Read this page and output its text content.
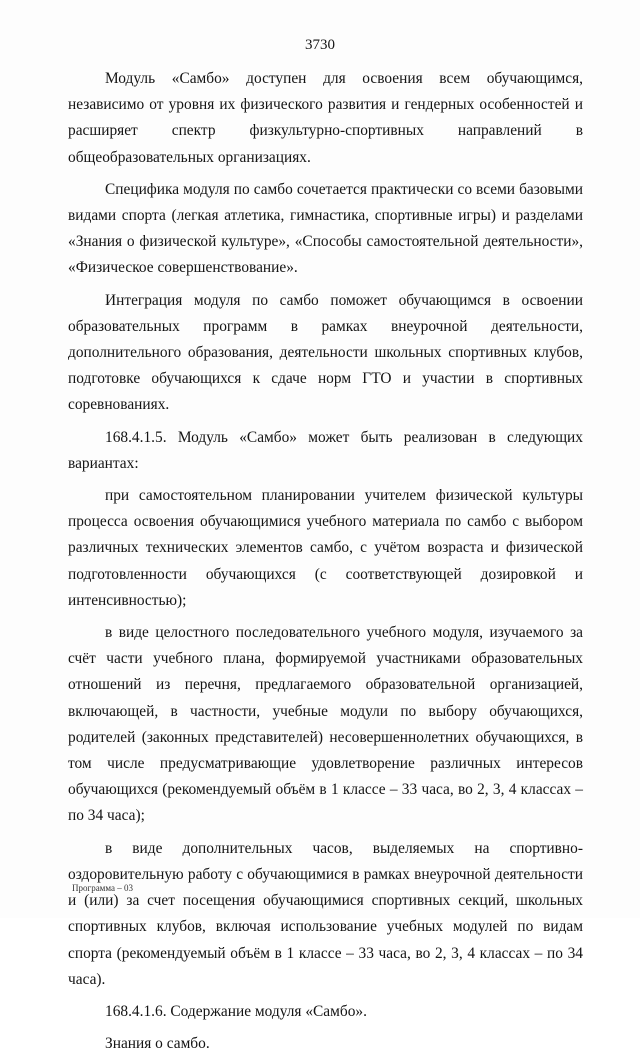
3730

Модуль «Самбо» доступен для освоения всем обучающимся, независимо от уровня их физического развития и гендерных особенностей и расширяет спектр физкультурно-спортивных направлений в общеобразовательных организациях.

Специфика модуля по самбо сочетается практически со всеми базовыми видами спорта (легкая атлетика, гимнастика, спортивные игры) и разделами «Знания о физической культуре», «Способы самостоятельной деятельности», «Физическое совершенствование».

Интеграция модуля по самбо поможет обучающимся в освоении образовательных программ в рамках внеурочной деятельности, дополнительного образования, деятельности школьных спортивных клубов, подготовке обучающихся к сдаче норм ГТО и участии в спортивных соревнованиях.

168.4.1.5. Модуль «Самбо» может быть реализован в следующих вариантах:

при самостоятельном планировании учителем физической культуры процесса освоения обучающимися учебного материала по самбо с выбором различных технических элементов самбо, с учётом возраста и физической подготовленности обучающихся (с соответствующей дозировкой и интенсивностью);

в виде целостного последовательного учебного модуля, изучаемого за счёт части учебного плана, формируемой участниками образовательных отношений из перечня, предлагаемого образовательной организацией, включающей, в частности, учебные модули по выбору обучающихся, родителей (законных представителей) несовершеннолетних обучающихся, в том числе предусматривающие удовлетворение различных интересов обучающихся (рекомендуемый объём в 1 классе – 33 часа, во 2, 3, 4 классах – по 34 часа);

в виде дополнительных часов, выделяемых на спортивно-оздоровительную работу с обучающимися в рамках внеурочной деятельности и (или) за счет посещения обучающимися спортивных секций, школьных спортивных клубов, включая использование учебных модулей по видам спорта (рекомендуемый объём в 1 классе – 33 часа, во 2, 3, 4 классах – по 34 часа).

168.4.1.6. Содержание модуля «Самбо».

Знания о самбо.

Программа – 03
